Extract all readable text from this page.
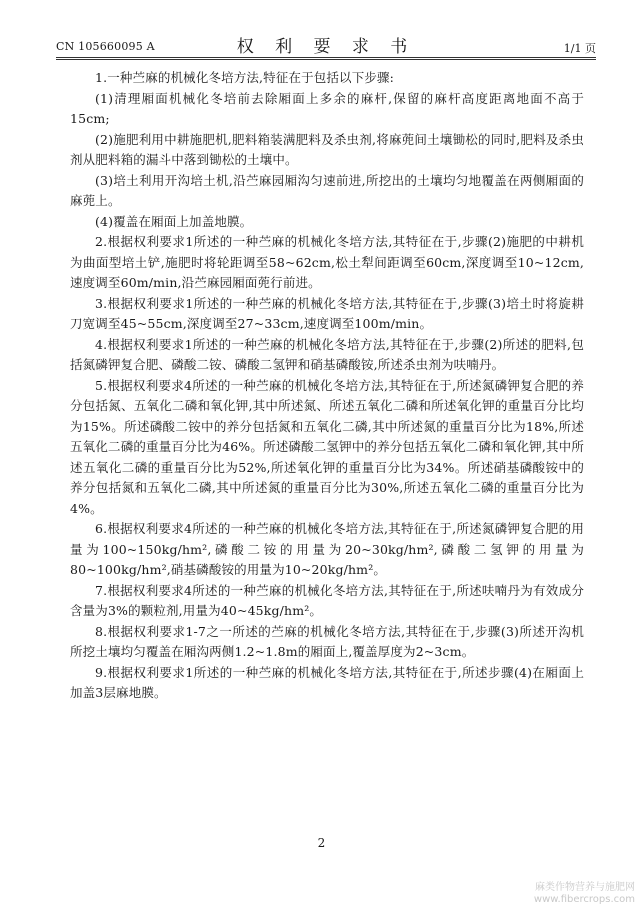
CN 105660095 A	权 利 要 求 书	1/1 页

1.一种苎麻的机械化冬培方法,特征在于包括以下步骤:

(1)清理厢面机械化冬培前去除厢面上多余的麻杆,保留的麻杆高度距离地面不高于15cm;

(2)施肥利用中耕施肥机,肥料箱装满肥料及杀虫剂,将麻蔸间土壤锄松的同时,肥料及杀虫剂从肥料箱的漏斗中落到锄松的土壤中。

(3)培土利用开沟培土机,沿苎麻园厢沟匀速前进,所挖出的土壤均匀地覆盖在两侧厢面的麻蔸上。

(4)覆盖在厢面上加盖地膜。

2.根据权利要求1所述的一种苎麻的机械化冬培方法,其特征在于,步骤(2)施肥的中耕机为曲面型培土铲,施肥时将轮距调至58~62cm,松土犁间距调至60cm,深度调至10~12cm,速度调至60m/min,沿苎麻园厢面蔸行前进。

3.根据权利要求1所述的一种苎麻的机械化冬培方法,其特征在于,步骤(3)培土时将旋耕刀宽调至45~55cm,深度调至27~33cm,速度调至100m/min。

4.根据权利要求1所述的一种苎麻的机械化冬培方法,其特征在于,步骤(2)所述的肥料,包括氮磷钾复合肥、磷酸二铵、磷酸二氢钾和硝基磷酸铵,所述杀虫剂为呋喃丹。

5.根据权利要求4所述的一种苎麻的机械化冬培方法,其特征在于,所述氮磷钾复合肥的养分包括氮、五氧化二磷和氧化钾,其中所述氮、所述五氧化二磷和所述氧化钾的重量百分比均为15%。所述磷酸二铵中的养分包括氮和五氧化二磷,其中所述氮的重量百分比为18%,所述五氧化二磷的重量百分比为46%。所述磷酸二氢钾中的养分包括五氧化二磷和氧化钾,其中所述五氧化二磷的重量百分比为52%,所述氧化钾的重量百分比为34%。所述硝基磷酸铵中的养分包括氮和五氧化二磷,其中所述氮的重量百分比为30%,所述五氧化二磷的重量百分比为4%。

6.根据权利要求4所述的一种苎麻的机械化冬培方法,其特征在于,所述氮磷钾复合肥的用量为100~150kg/hm²,磷酸二铵的用量为20~30kg/hm²,磷酸二氢钾的用量为80~100kg/hm²,硝基磷酸铵的用量为10~20kg/hm²。

7.根据权利要求4所述的一种苎麻的机械化冬培方法,其特征在于,所述呋喃丹为有效成分含量为3%的颗粒剂,用量为40~45kg/hm²。

8.根据权利要求1-7之一所述的苎麻的机械化冬培方法,其特征在于,步骤(3)所述开沟机所挖土壤均匀覆盖在厢沟两侧1.2~1.8m的厢面上,覆盖厚度为2~3cm。

9.根据权利要求1所述的一种苎麻的机械化冬培方法,其特征在于,所述步骤(4)在厢面上加盖3层麻地膜。

2
麻类作物营养与施肥网
www.fibercrops.com
